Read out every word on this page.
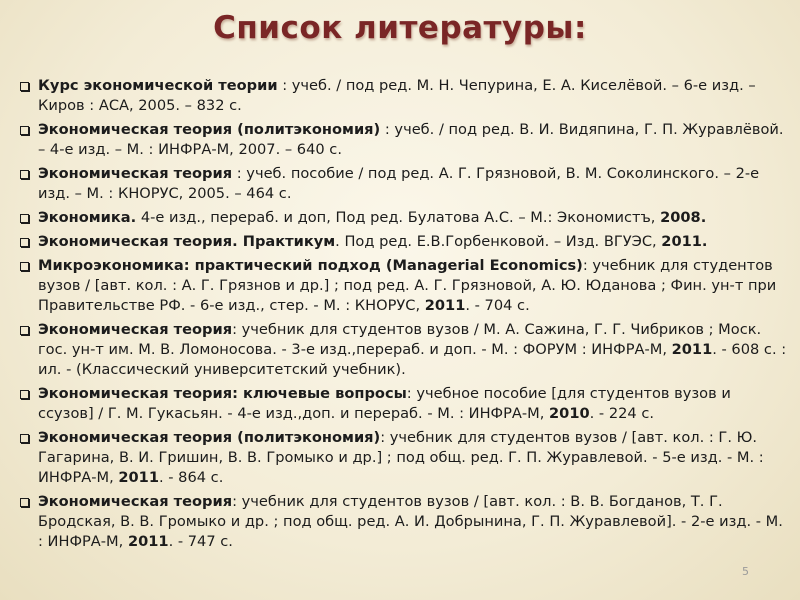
Список литературы:
Курс экономической теории : учеб. / под ред. М. Н. Чепурина, Е. А. Киселёвой. – 6-е изд. – Киров : АСА, 2005. – 832 с.
Экономическая теория (политэкономия) : учеб. / под ред. В. И. Видяпина, Г. П. Журавлёвой. – 4-е изд. – М. : ИНФРА-М, 2007. – 640 с.
Экономическая теория : учеб. пособие / под ред. А. Г. Грязновой, В. М. Соколинского. – 2-е изд. – М. : КНОРУС, 2005. – 464 с.
Экономика. 4-е изд., перераб. и доп, Под ред. Булатова А.С. – М.: Экономистъ, 2008.
Экономическая теория. Практикум. Под ред. Е.В.Горбенковой. – Изд. ВГУЭС, 2011.
Микроэкономика: практический подход (Managerial Economics): учебник для студентов вузов / [авт. кол. : А. Г. Грязнов и др.] ; под ред. А. Г. Грязновой, А. Ю. Юданова ; Фин. ун-т при Правительстве РФ. - 6-е изд., стер. - М. : КНОРУС, 2011. - 704 с.
Экономическая теория: учебник для студентов вузов / М. А. Сажина, Г. Г. Чибриков ; Моск. гос. ун-т им. М. В. Ломоносова. - 3-е изд.,перераб. и доп. - М. : ФОРУМ : ИНФРА-М, 2011. - 608 с. : ил. - (Классический университетский учебник).
Экономическая теория: ключевые вопросы: учебное пособие [для студентов вузов и ссузов] / Г. М. Гукасьян. - 4-е изд.,доп. и перераб. - М. : ИНФРА-М, 2010. - 224 с.
Экономическая теория (политэкономия): учебник для студентов вузов / [авт. кол. : Г. Ю. Гагарина, В. И. Гришин, В. В. Громыко и др.] ; под общ. ред. Г. П. Журавлевой. - 5-е изд. - М. : ИНФРА-М, 2011. - 864 с.
Экономическая теория: учебник для студентов вузов / [авт. кол. : В. В. Богданов, Т. Г. Бродская, В. В. Громыко и др. ; под общ. ред. А. И. Добрынина, Г. П. Журавлевой]. - 2-е изд. - М. : ИНФРА-М, 2011. - 747 с.
5
